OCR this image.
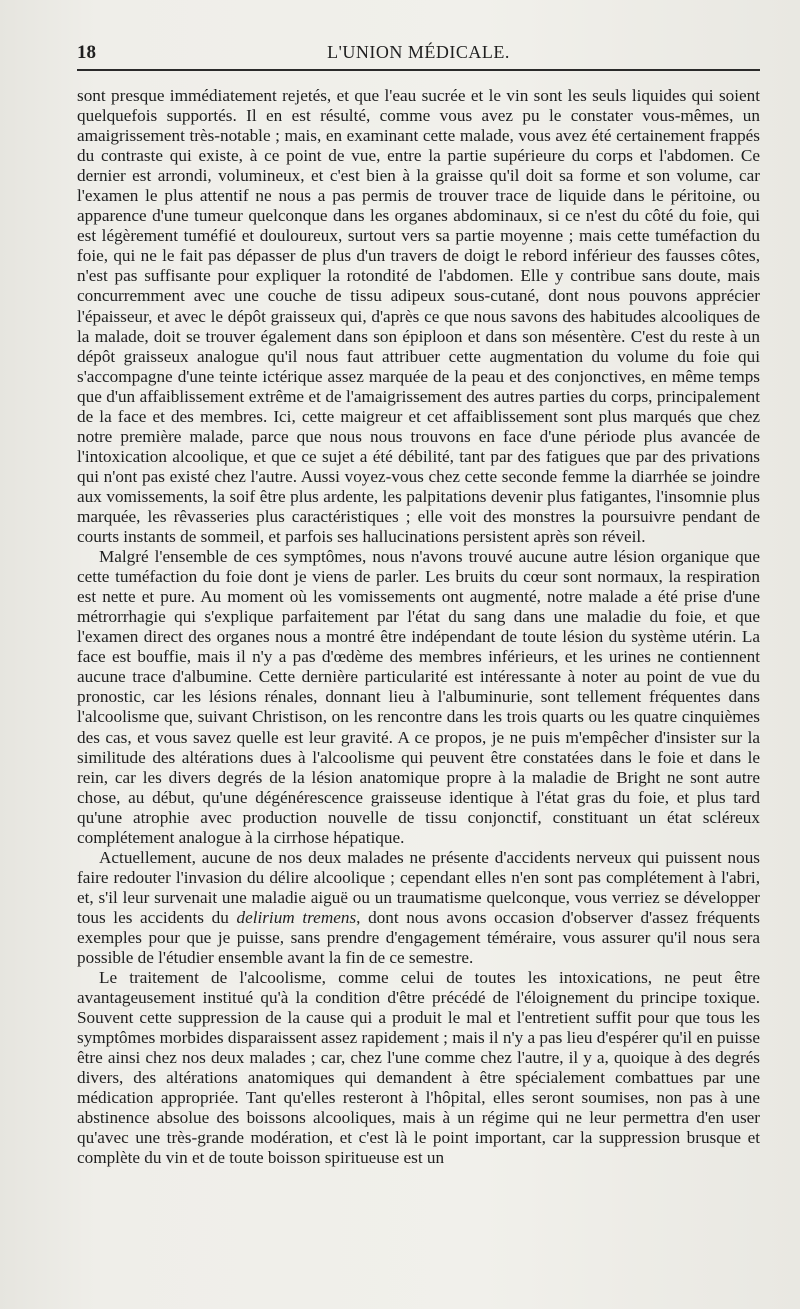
18	L'UNION MÉDICALE.

sont presque immédiatement rejetés, et que l'eau sucrée et le vin sont les seuls liquides qui soient quelquefois supportés. Il en est résulté, comme vous avez pu le constater vous-mêmes, un amaigrissement très-notable ; mais, en examinant cette malade, vous avez été certainement frappés du contraste qui existe, à ce point de vue, entre la partie supérieure du corps et l'abdomen. Ce dernier est arrondi, volumineux, et c'est bien à la graisse qu'il doit sa forme et son volume, car l'examen le plus attentif ne nous a pas permis de trouver trace de liquide dans le péritoine, ou apparence d'une tumeur quelconque dans les organes abdominaux, si ce n'est du côté du foie, qui est légèrement tuméfié et douloureux, surtout vers sa partie moyenne ; mais cette tuméfaction du foie, qui ne le fait pas dépasser de plus d'un travers de doigt le rebord inférieur des fausses côtes, n'est pas suffisante pour expliquer la rotondité de l'abdomen. Elle y contribue sans doute, mais concurremment avec une couche de tissu adipeux sous-cutané, dont nous pouvons apprécier l'épaisseur, et avec le dépôt graisseux qui, d'après ce que nous savons des habitudes alcooliques de la malade, doit se trouver également dans son épiploon et dans son mésentère. C'est du reste à un dépôt graisseux analogue qu'il nous faut attribuer cette augmentation du volume du foie qui s'accompagne d'une teinte ictérique assez marquée de la peau et des conjonctives, en même temps que d'un affaiblissement extrême et de l'amaigrissement des autres parties du corps, principalement de la face et des membres. Ici, cette maigreur et cet affaiblissement sont plus marqués que chez notre première malade, parce que nous nous trouvons en face d'une période plus avancée de l'intoxication alcoolique, et que ce sujet a été débilité, tant par des fatigues que par des privations qui n'ont pas existé chez l'autre. Aussi voyez-vous chez cette seconde femme la diarrhée se joindre aux vomissements, la soif être plus ardente, les palpitations devenir plus fatigantes, l'insomnie plus marquée, les rêvasseries plus caractéristiques ; elle voit des monstres la poursuivre pendant de courts instants de sommeil, et parfois ses hallucinations persistent après son réveil.

Malgré l'ensemble de ces symptômes, nous n'avons trouvé aucune autre lésion organique que cette tuméfaction du foie dont je viens de parler. Les bruits du cœur sont normaux, la respiration est nette et pure. Au moment où les vomissements ont augmenté, notre malade a été prise d'une métrorrhagie qui s'explique parfaitement par l'état du sang dans une maladie du foie, et que l'examen direct des organes nous a montré être indépendant de toute lésion du système utérin. La face est bouffie, mais il n'y a pas d'œdème des membres inférieurs, et les urines ne contiennent aucune trace d'albumine. Cette dernière particularité est intéressante à noter au point de vue du pronostic, car les lésions rénales, donnant lieu à l'albuminurie, sont tellement fréquentes dans l'alcoolisme que, suivant Christison, on les rencontre dans les trois quarts ou les quatre cinquièmes des cas, et vous savez quelle est leur gravité. A ce propos, je ne puis m'empêcher d'insister sur la similitude des altérations dues à l'alcoolisme qui peuvent être constatées dans le foie et dans le rein, car les divers degrés de la lésion anatomique propre à la maladie de Bright ne sont autre chose, au début, qu'une dégénérescence graisseuse identique à l'état gras du foie, et plus tard qu'une atrophie avec production nouvelle de tissu conjonctif, constituant un état scléreux complétement analogue à la cirrhose hépatique.

Actuellement, aucune de nos deux malades ne présente d'accidents nerveux qui puissent nous faire redouter l'invasion du délire alcoolique ; cependant elles n'en sont pas complétement à l'abri, et, s'il leur survenait une maladie aiguë ou un traumatisme quelconque, vous verriez se développer tous les accidents du delirium tremens, dont nous avons occasion d'observer d'assez fréquents exemples pour que je puisse, sans prendre d'engagement téméraire, vous assurer qu'il nous sera possible de l'étudier ensemble avant la fin de ce semestre.

Le traitement de l'alcoolisme, comme celui de toutes les intoxications, ne peut être avantageusement institué qu'à la condition d'être précédé de l'éloignement du principe toxique. Souvent cette suppression de la cause qui a produit le mal et l'entretient suffit pour que tous les symptômes morbides disparaissent assez rapidement ; mais il n'y a pas lieu d'espérer qu'il en puisse être ainsi chez nos deux malades ; car, chez l'une comme chez l'autre, il y a, quoique à des degrés divers, des altérations anatomiques qui demandent à être spécialement combattues par une médication appropriée. Tant qu'elles resteront à l'hôpital, elles seront soumises, non pas à une abstinence absolue des boissons alcooliques, mais à un régime qui ne leur permettra d'en user qu'avec une très-grande modération, et c'est là le point important, car la suppression brusque et complète du vin et de toute boisson spiritueuse est un
